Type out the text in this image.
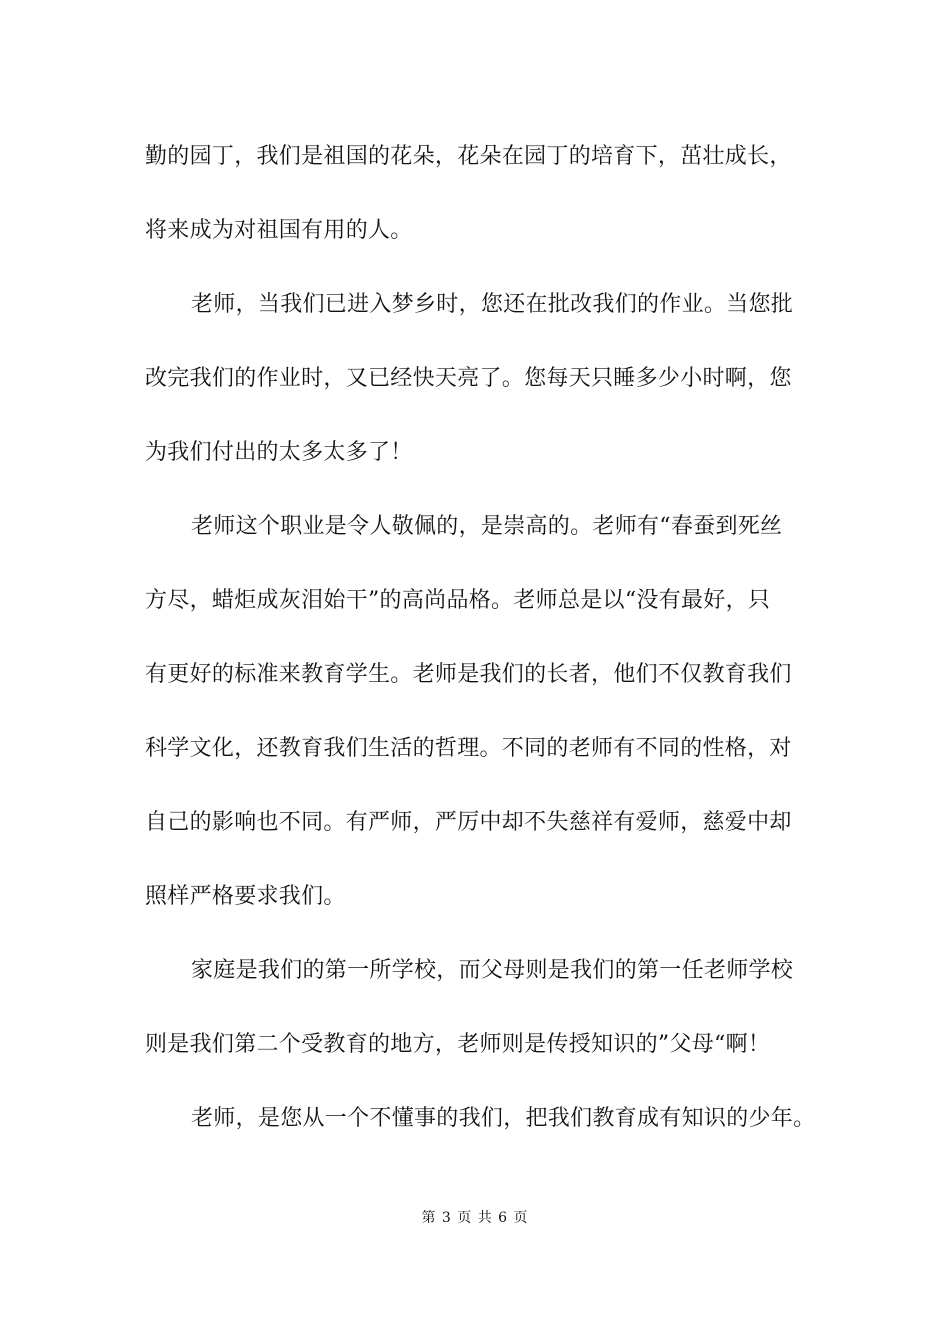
勤的园丁，我们是祖国的花朵，花朵在园丁的培育下，茁壮成长，
将来成为对祖国有用的人。
老师，当我们已进入梦乡时，您还在批改我们的作业。当您批
改完我们的作业时，又已经快天亮了。您每天只睡多少小时啊，您
为我们付出的太多太多了！
老师这个职业是令人敬佩的，是崇高的。老师有“春蚕到死丝
方尽，蜡炬成灰泪始干”的高尚品格。老师总是以“没有最好，只
有更好的标准来教育学生。老师是我们的长者，他们不仅教育我们
科学文化，还教育我们生活的哲理。不同的老师有不同的性格，对
自己的影响也不同。有严师，严厉中却不失慈祥有爱师，慈爱中却
照样严格要求我们。
家庭是我们的第一所学校，而父母则是我们的第一任老师学校
则是我们第二个受教育的地方，老师则是传授知识的”父母“啊！
老师，是您从一个不懂事的我们，把我们教育成有知识的少年。
第 3 页 共 6 页
